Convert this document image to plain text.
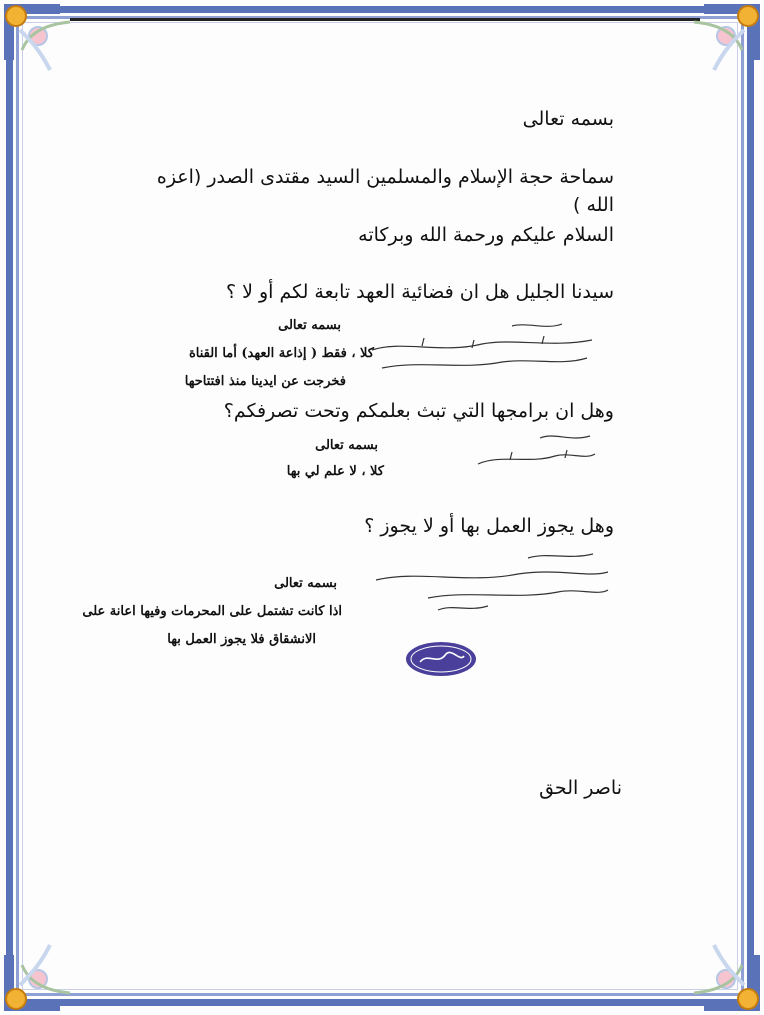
بسمه تعالى
سماحة حجة الإسلام والمسلمين السيد مقتدى الصدر (اعزه
الله )
السلام عليكم ورحمة الله وبركاته
سيدنا الجليل هل ان فضائية العهد تابعة لكم أو لا ؟
بسمه تعالى
كلا ، فقط ( إذاعة العهد) أما القناة
فخرجت عن ايدينا منذ افتتاحها
وهل ان برامجها التي تبث بعلمكم وتحت تصرفكم؟
بسمه تعالى
كلا ، لا علم لي بها
وهل يجوز العمل بها أو لا يجوز ؟
بسمه تعالى
اذا كانت تشتمل على المحرمات وفيها اعانة على
الانشقاق فلا يجوز العمل بها
ناصر الحق
